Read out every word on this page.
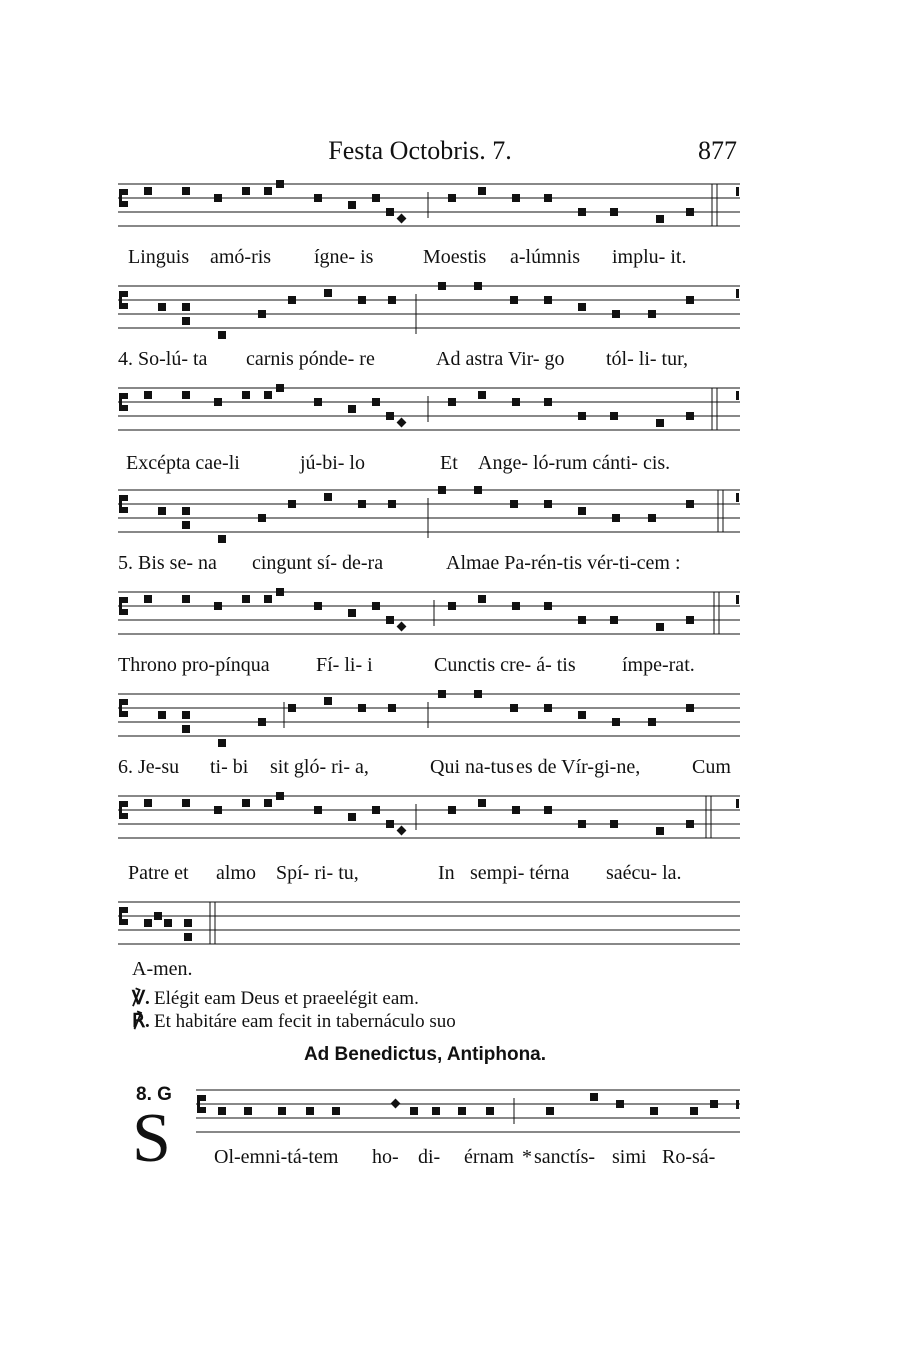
Festa Octobris. 7.	877
Linguis amó-ris ígne- is Moestis a-lúmnis implu- it.
4. So-lú- ta carnis pónde- re	Ad astra Vir- go tól- li- tur,
Excépta cae-li	jú-bi- lo	Et Ange- ló-rum cánti- cis.
5. Bis se- na cingunt sí- de-ra	Almae Pa-rén-tis vér-ti-cem :
Throno pro-pínqua Fí- li- i	Cunctis cre- á- tis ímpe-rat.
6. Je-su ti- bi sit gló- ri- a,	Qui na-tus es de Vír-gi-ne,	Cum
Patre et almo Spí- ri- tu,	In sempi- térna saécu- la.
A-men.
℣. Elégit eam Deus et praeelégit eam.
℟. Et habitáre eam fecit in tabernáculo suo
Ad Benedictus, Antiphona.
8. G
S Ol-emni-tá-tem ho- di- érnam * sanctís- simi Ro-sá-
